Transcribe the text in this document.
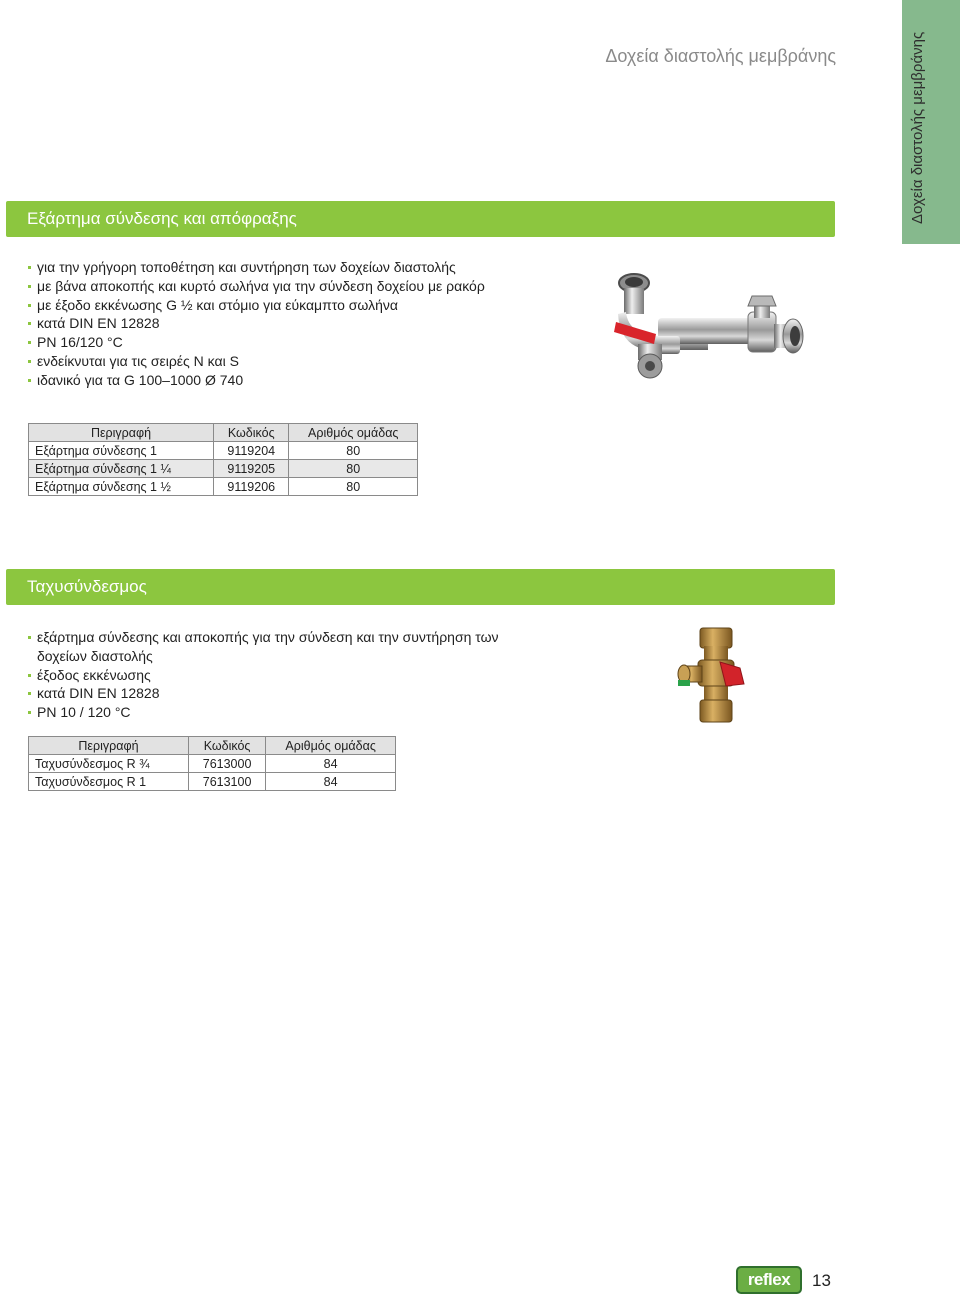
Δοχεία διαστολής μεμβράνης	Δοχεία διαστολής μεμβράνης
Εξάρτημα σύνδεσης και απόφραξης
για την γρήγορη τοποθέτηση και συντήρηση των δοχείων διαστολής
με βάνα αποκοπής και κυρτό σωλήνα για την σύνδεση δοχείου με ρακόρ
με έξοδο εκκένωσης G ½ και στόμιο για εύκαμπτο σωλήνα
κατά DIN EN 12828
PN 16/120 °C
ενδείκνυται για τις σειρές N και S
ιδανικό για τα G 100–1000 Ø 740
Περιγραφή	Κωδικός	Αριθμός ομάδας
Εξάρτημα σύνδεσης 1	9119204	80
Εξάρτημα σύνδεσης 1 ¼	9119205	80
Εξάρτημα σύνδεσης 1 ½	9119206	80
Ταχυσύνδεσμος
εξάρτημα σύνδεσης και αποκοπής για την σύνδεση και την συντήρηση των δοχείων διαστολής
έξοδος εκκένωσης
κατά DIN EN 12828
PN 10 / 120 °C
Περιγραφή	Κωδικός	Αριθμός ομάδας
Ταχυσύνδεσμος R ¾	7613000	84
Ταχυσύνδεσμος R 1	7613100	84
reflex	13
